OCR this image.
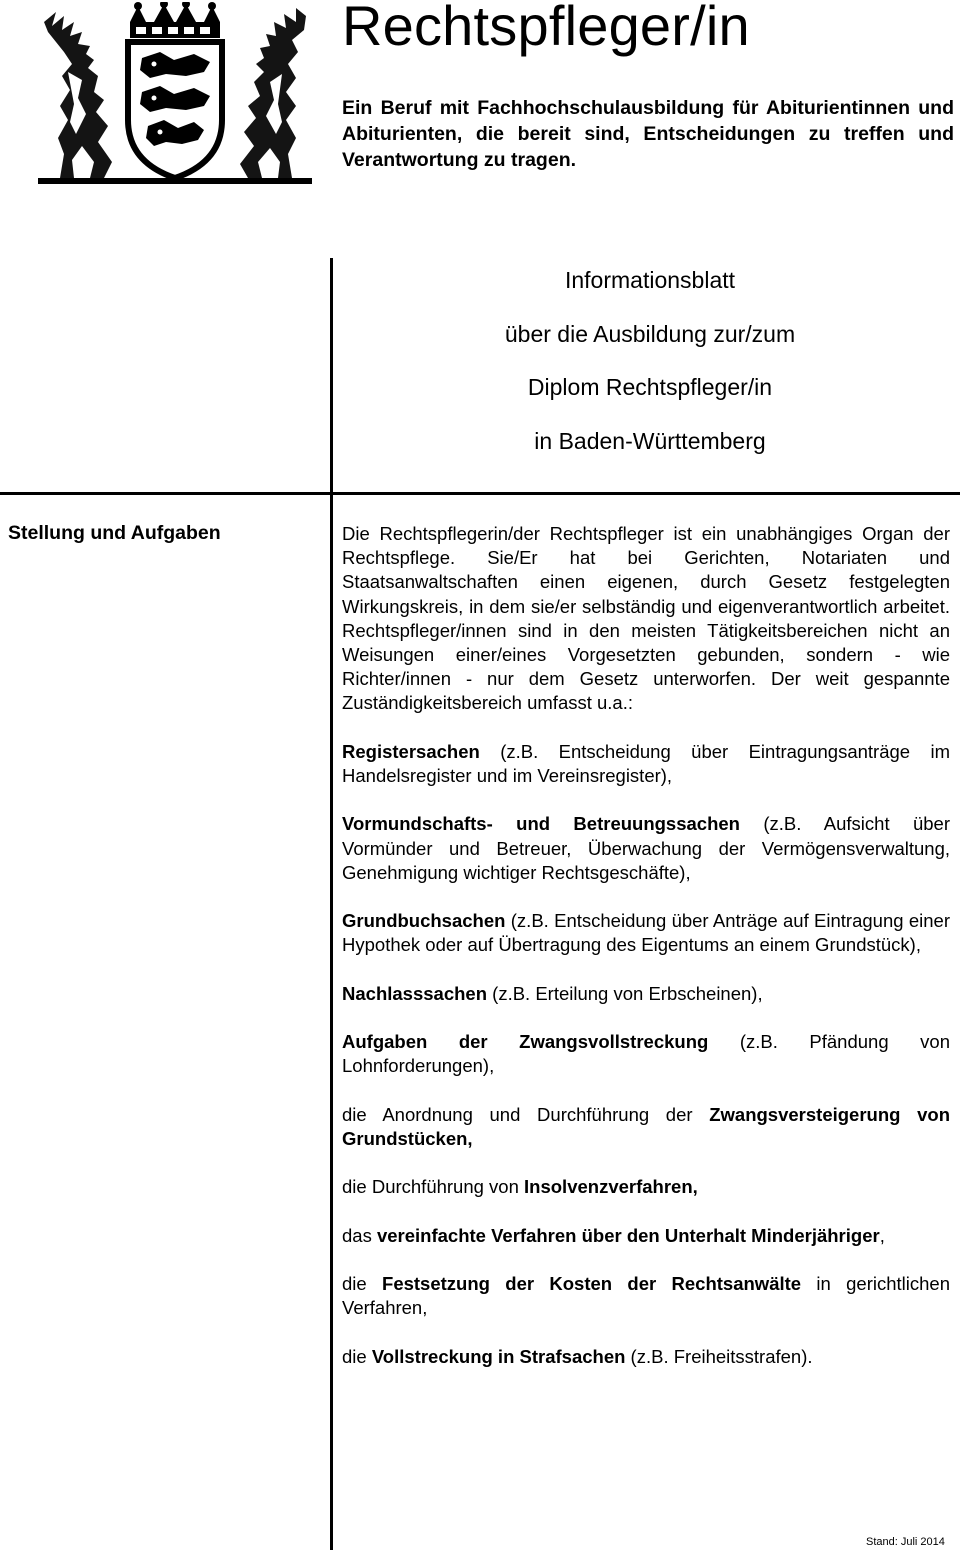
Rechtspfleger/in

Ein Beruf mit Fachhochschulausbildung für Abiturientinnen und Abiturienten, die bereit sind, Entscheidungen zu treffen und Verantwortung zu tragen.

Informationsblatt

über die Ausbildung zur/zum

Diplom Rechtspfleger/in

in Baden-Württemberg

Stellung und Aufgaben	Die Rechtspflegerin/der Rechtspfleger ist ein unabhängiges Organ der Rechtspflege. Sie/Er hat bei Gerichten, Notariaten und Staatsanwaltschaften einen eigenen, durch Gesetz festgelegten Wirkungskreis, in dem sie/er selbständig und eigenverantwortlich arbeitet. Rechtspfleger/innen sind in den meisten Tätigkeitsbereichen nicht an Weisungen einer/eines Vorgesetzten gebunden, sondern - wie Richter/innen - nur dem Gesetz unterworfen. Der weit gespannte Zuständigkeitsbereich umfasst u.a.:

Registersachen (z.B. Entscheidung über Eintragungsanträge im Handelsregister und im Vereinsregister),

Vormundschafts- und Betreuungssachen (z.B. Aufsicht über Vormünder und Betreuer, Überwachung der Vermögensverwaltung, Genehmigung wichtiger Rechtsgeschäfte),

Grundbuchsachen (z.B. Entscheidung über Anträge auf Eintragung einer Hypothek oder auf Übertragung des Eigentums an einem Grundstück),

Nachlasssachen (z.B. Erteilung von Erbscheinen),

Aufgaben der Zwangsvollstreckung (z.B. Pfändung von Lohnforderungen),

die Anordnung und Durchführung der Zwangsversteigerung von Grundstücken,

die Durchführung von Insolvenzverfahren,

das vereinfachte Verfahren über den Unterhalt Minderjähriger,

die Festsetzung der Kosten der Rechtsanwälte in gerichtlichen Verfahren,

die Vollstreckung in Strafsachen (z.B. Freiheitsstrafen).

Stand: Juli 2014
